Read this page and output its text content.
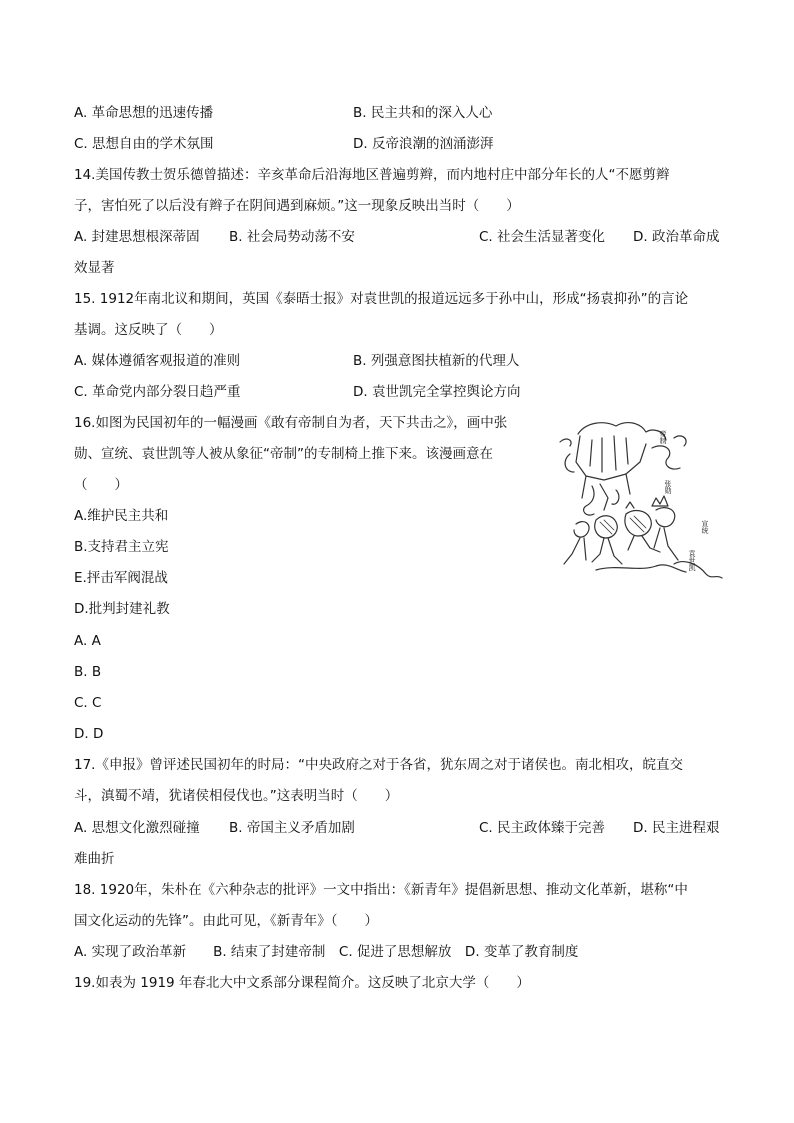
A. 革命思想的迅速传播	B. 民主共和的深入人心
C. 思想自由的学术氛围	D. 反帝浪潮的汹涌澎湃
14.美国传教士贺乐德曾描述：辛亥革命后沿海地区普遍剪辫，而内地村庄中部分年长的人“不愿剪辫
子，害怕死了以后没有辫子在阴间遇到麻烦。”这一现象反映出当时（　　）
A. 封建思想根深蒂固 B. 社会局势动荡不安	C. 社会生活显著变化 D. 政治革命成
效显著
15. 1912年南北议和期间，英国《泰晤士报》对袁世凯的报道远远多于孙中山，形成“扬袁抑孙”的言论
基调。这反映了（　　）
A. 媒体遵循客观报道的准则	B. 列强意图扶植新的代理人
C. 革命党内部分裂日趋严重	D. 袁世凯完全掌控舆论方向
16.如图为民国初年的一幅漫画《敢有帝制自为者，天下共击之》，画中张
勋、宣统、袁世凯等人被从象征“帝制”的专制椅上推下来。该漫画意在
（　　）
A.维护民主共和
B.支持君主立宪
E.抨击军阀混战
D.批判封建礼教
A. A
B. B
C. C
D. D
帝制
张勋
宣统
袁世凯
17.《申报》曾评述民国初年的时局：“中央政府之对于各省，犹东周之对于诸侯也。南北相攻，皖直交
斗，滇蜀不靖，犹诸侯相侵伐也。”这表明当时（　　）
A. 思想文化激烈碰撞 B. 帝国主义矛盾加剧	C. 民主政体臻于完善 D. 民主进程艰
难曲折
18. 1920年，朱朴在《六种杂志的批评》一文中指出：《新青年》提倡新思想、推动文化革新，堪称“中
国文化运动的先锋”。由此可见，《新青年》（　　）
A. 实现了政治革新　　B. 结束了封建帝制　C. 促进了思想解放　D. 变革了教育制度
19.如表为 1919 年春北大中文系部分课程简介。这反映了北京大学（　　）
